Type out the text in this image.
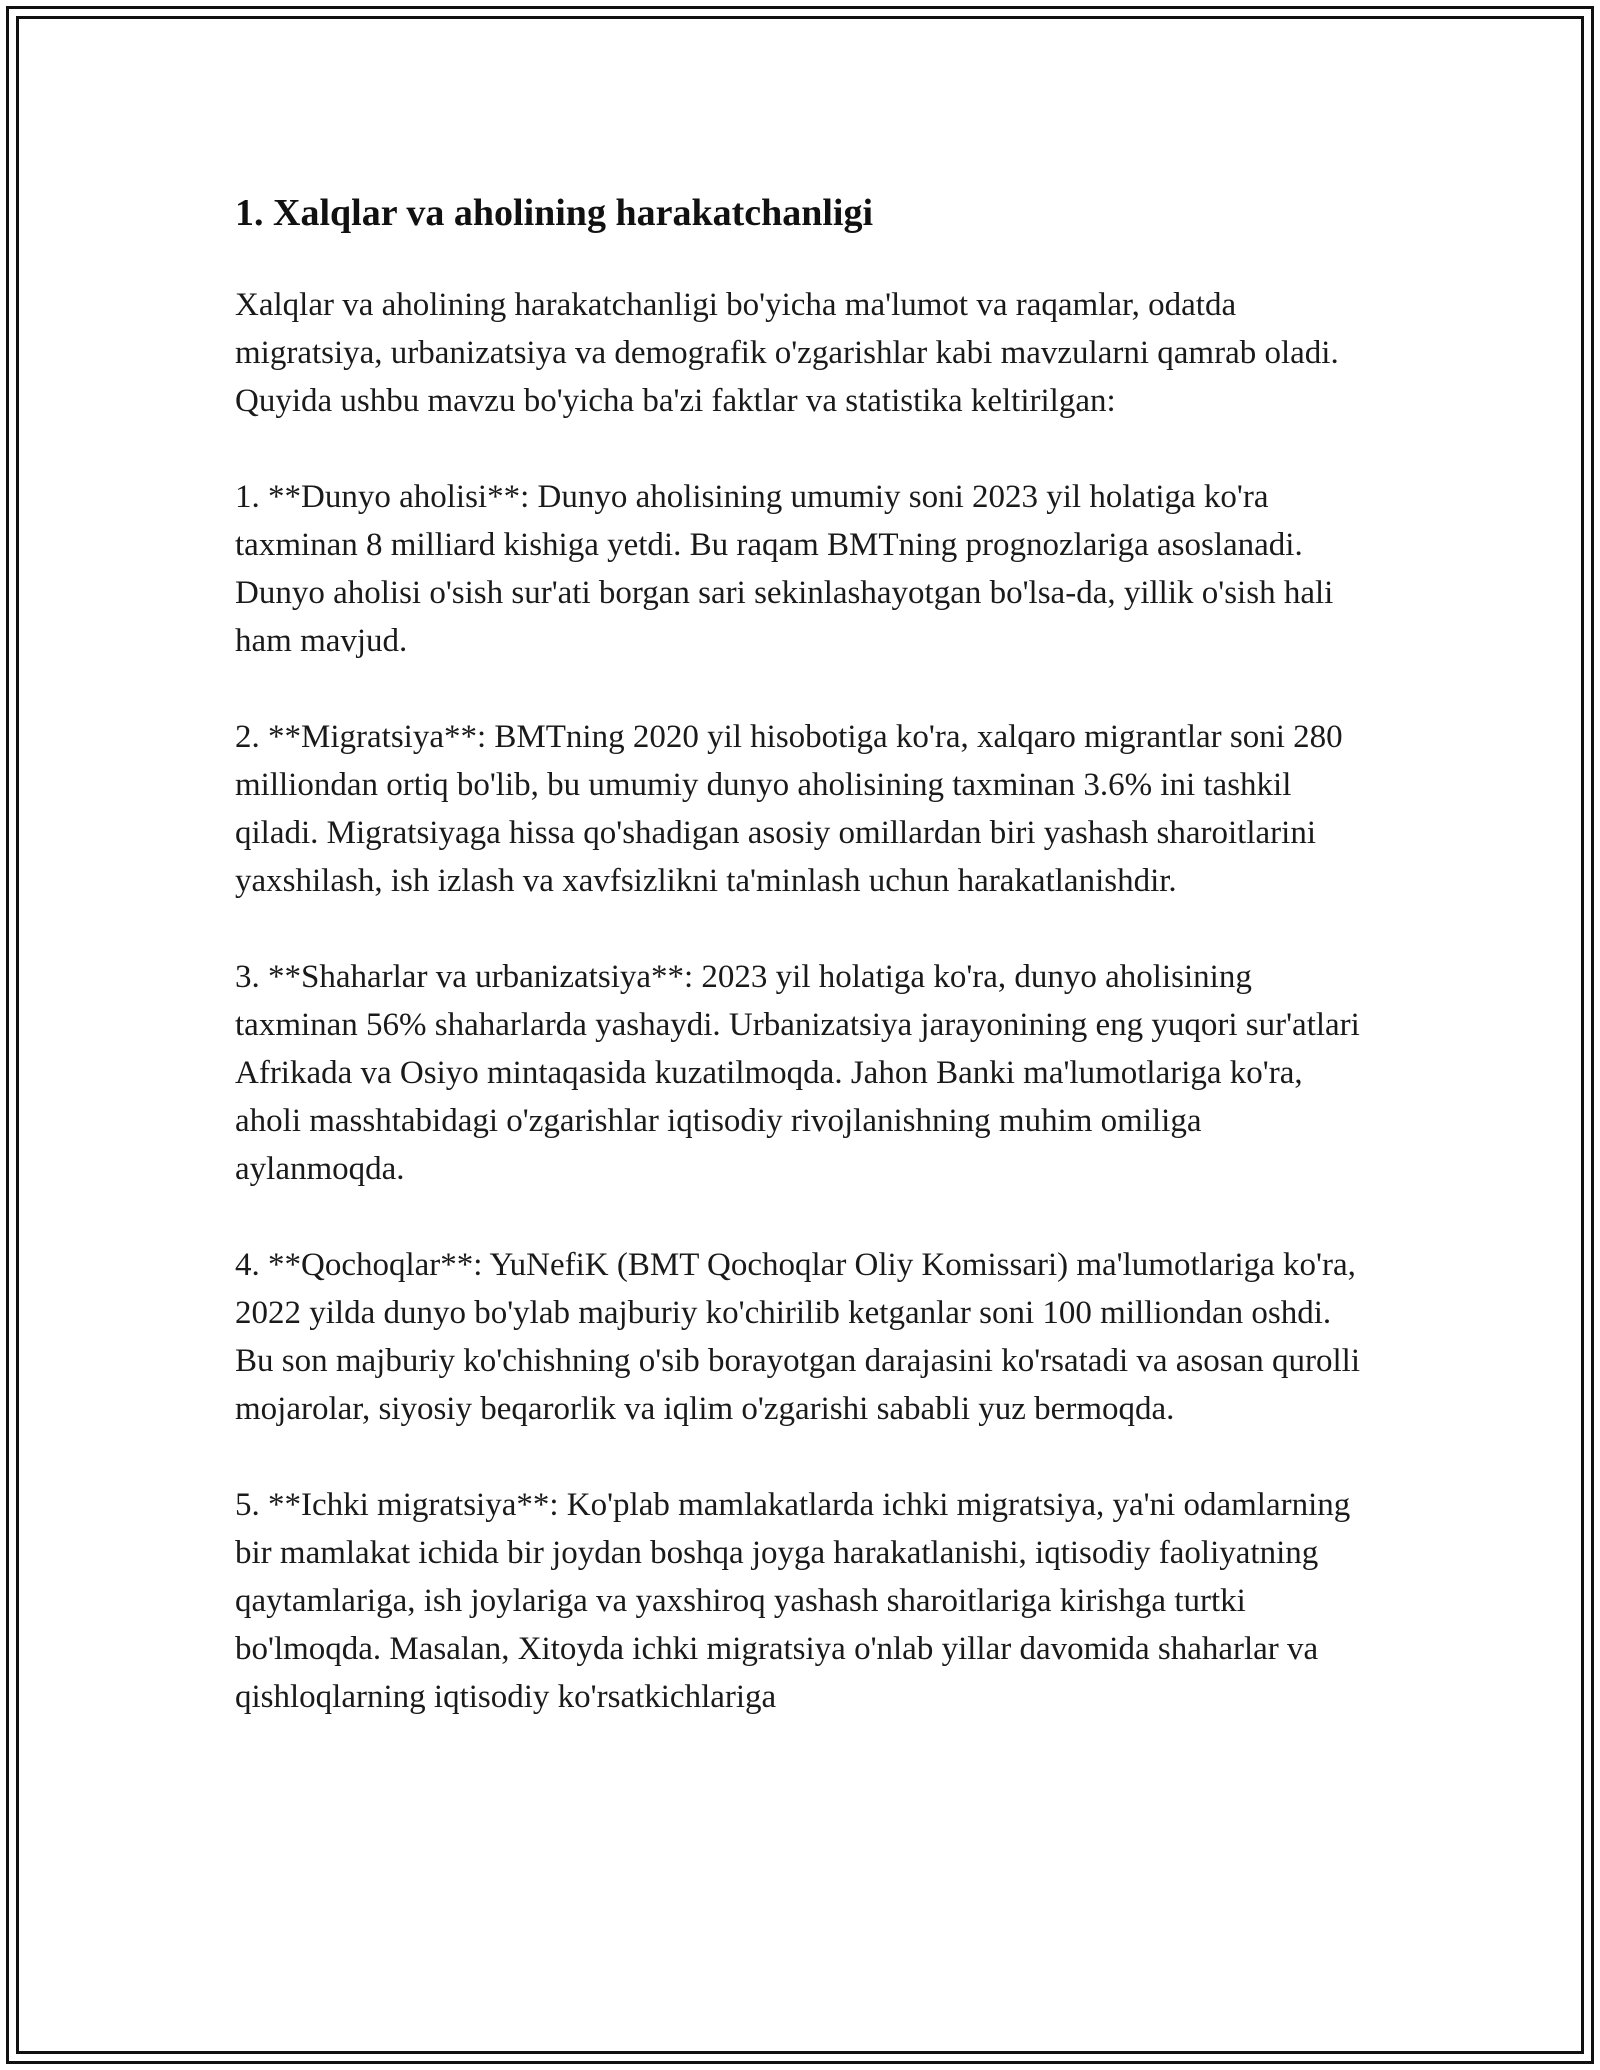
1. Xalqlar va aholining harakatchanligi

Xalqlar va aholining harakatchanligi bo'yicha ma'lumot va raqamlar, odatda migratsiya, urbanizatsiya va demografik o'zgarishlar kabi mavzularni qamrab oladi. Quyida ushbu mavzu bo'yicha ba'zi faktlar va statistika keltirilgan:

1. **Dunyo aholisi**: Dunyo aholisining umumiy soni 2023 yil holatiga ko'ra taxminan 8 milliard kishiga yetdi. Bu raqam BMTning prognozlariga asoslanadi. Dunyo aholisi o'sish sur'ati borgan sari sekinlashayotgan bo'lsa-da, yillik o'sish hali ham mavjud.

2. **Migratsiya**: BMTning 2020 yil hisobotiga ko'ra, xalqaro migrantlar soni 280 milliondan ortiq bo'lib, bu umumiy dunyo aholisining taxminan 3.6% ini tashkil qiladi. Migratsiyaga hissa qo'shadigan asosiy omillardan biri yashash sharoitlarini yaxshilash, ish izlash va xavfsizlikni ta'minlash uchun harakatlanishdir.

3. **Shaharlar va urbanizatsiya**: 2023 yil holatiga ko'ra, dunyo aholisining taxminan 56% shaharlarda yashaydi. Urbanizatsiya jarayonining eng yuqori sur'atlari Afrikada va Osiyo mintaqasida kuzatilmoqda. Jahon Banki ma'lumotlariga ko'ra, aholi masshtabidagi o'zgarishlar iqtisodiy rivojlanishning muhim omiliga aylanmoqda.

4. **Qochoqlar**: YuNefiK (BMT Qochoqlar Oliy Komissari) ma'lumotlariga ko'ra, 2022 yilda dunyo bo'ylab majburiy ko'chirilib ketganlar soni 100 milliondan oshdi. Bu son majburiy ko'chishning o'sib borayotgan darajasini ko'rsatadi va asosan qurolli mojarolar, siyosiy beqarorlik va iqlim o'zgarishi sababli yuz bermoqda.

5. **Ichki migratsiya**: Ko'plab mamlakatlarda ichki migratsiya, ya'ni odamlarning bir mamlakat ichida bir joydan boshqa joyga harakatlanishi, iqtisodiy faoliyatning qaytamlariga, ish joylariga va yaxshiroq yashash sharoitlariga kirishga turtki bo'lmoqda. Masalan, Xitoyda ichki migratsiya o'nlab yillar davomida shaharlar va qishloqlarning iqtisodiy ko'rsatkichlariga
